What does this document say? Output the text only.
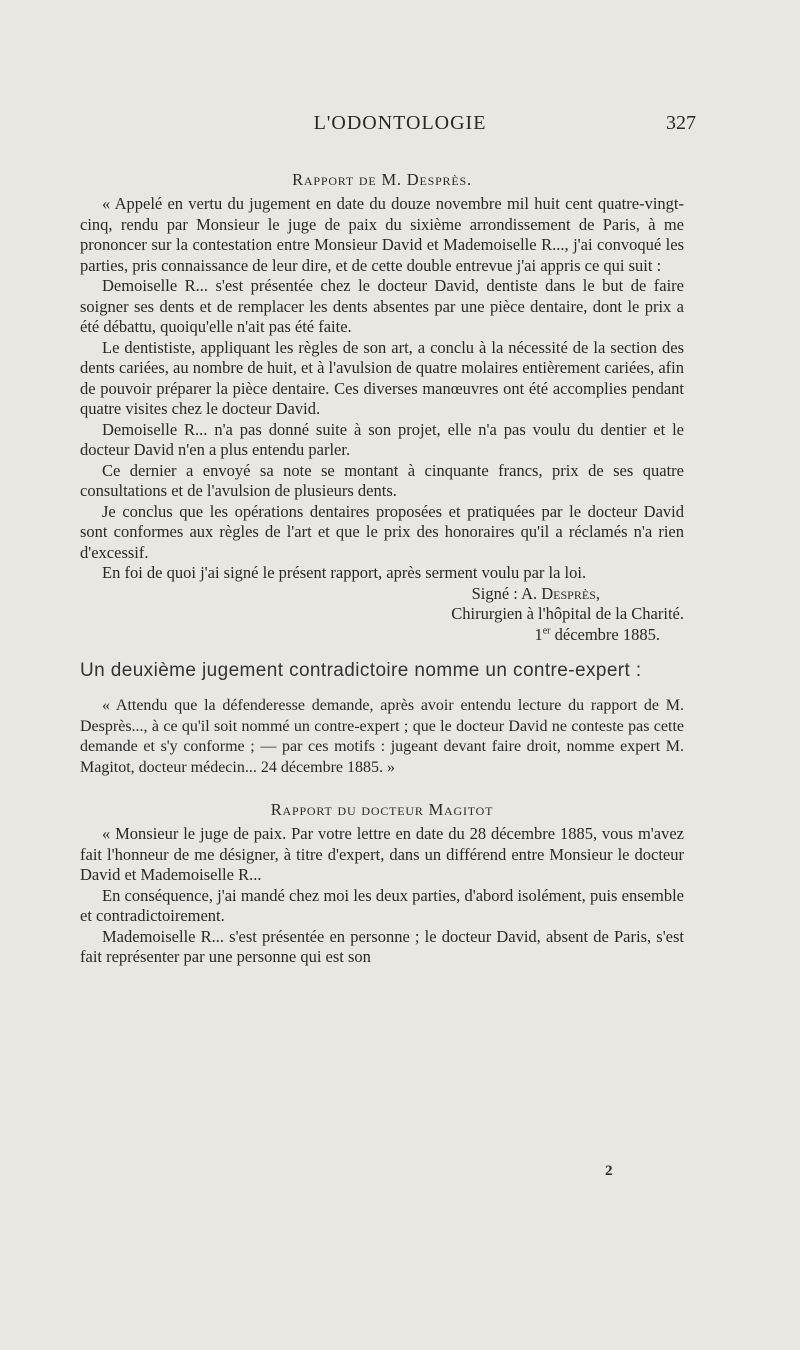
L'ODONTOLOGIE	327
Rapport de M. Desprès.

« Appelé en vertu du jugement en date du douze novembre mil huit cent quatre-vingt-cinq, rendu par Monsieur le juge de paix du sixième arrondissement de Paris, à me prononcer sur la contestation entre Monsieur David et Mademoiselle R..., j'ai convoqué les parties, pris connaissance de leur dire, et de cette double entrevue j'ai appris ce qui suit :

Demoiselle R... s'est présentée chez le docteur David, dentiste dans le but de faire soigner ses dents et de remplacer les dents absentes par une pièce dentaire, dont le prix a été débattu, quoiqu'elle n'ait pas été faite.

Le dentististe, appliquant les règles de son art, a conclu à la nécessité de la section des dents cariées, au nombre de huit, et à l'avulsion de quatre molaires entièrement cariées, afin de pouvoir préparer la pièce dentaire. Ces diverses manœuvres ont été accomplies pendant quatre visites chez le docteur David.

Demoiselle R... n'a pas donné suite à son projet, elle n'a pas voulu du dentier et le docteur David n'en a plus entendu parler.

Ce dernier a envoyé sa note se montant à cinquante francs, prix de ses quatre consultations et de l'avulsion de plusieurs dents.

Je conclus que les opérations dentaires proposées et pratiquées par le docteur David sont conformes aux règles de l'art et que le prix des honoraires qu'il a réclamés n'a rien d'excessif.

En foi de quoi j'ai signé le présent rapport, après serment voulu par la loi.

Signé : A. Desprès,
Chirurgien à l'hôpital de la Charité.
1er décembre 1885.

Un deuxième jugement contradictoire nomme un contre-expert :

« Attendu que la défenderesse demande, après avoir entendu lecture du rapport de M. Desprès..., à ce qu'il soit nommé un contre-expert ; que le docteur David ne conteste pas cette demande et s'y conforme ; — par ces motifs : jugeant devant faire droit, nomme expert M. Magitot, docteur médecin... 24 décembre 1885. »

Rapport du docteur Magitot

« Monsieur le juge de paix. Par votre lettre en date du 28 décembre 1885, vous m'avez fait l'honneur de me désigner, à titre d'expert, dans un différend entre Monsieur le docteur David et Mademoiselle R...

En conséquence, j'ai mandé chez moi les deux parties, d'abord isolément, puis ensemble et contradictoirement.

Mademoiselle R... s'est présentée en personne ; le docteur David, absent de Paris, s'est fait représenter par une personne qui est son

2
